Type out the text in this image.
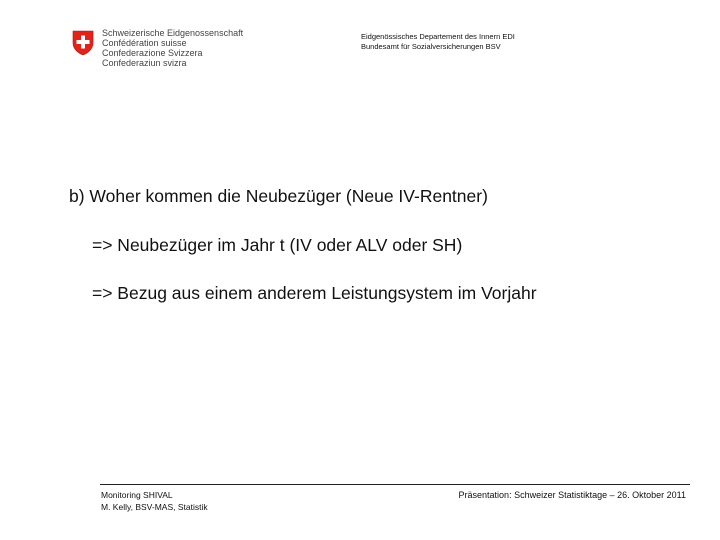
Schweizerische Eidgenossenschaft
Confédération suisse
Confederazione Svizzera
Confederaziun svizra
Eidgenössisches Departement des Innern EDI
Bundesamt für Sozialversicherungen BSV

b) Woher kommen die Neubezüger (Neue IV-Rentner)

=> Neubezüger im Jahr t (IV oder ALV oder SH)
=> Bezug aus einem anderem Leistungsystem im Vorjahr
Monitoring SHIVAL
M. Kelly, BSV-MAS, Statistik
Präsentation: Schweizer Statistiktage – 26. Oktober 2011
